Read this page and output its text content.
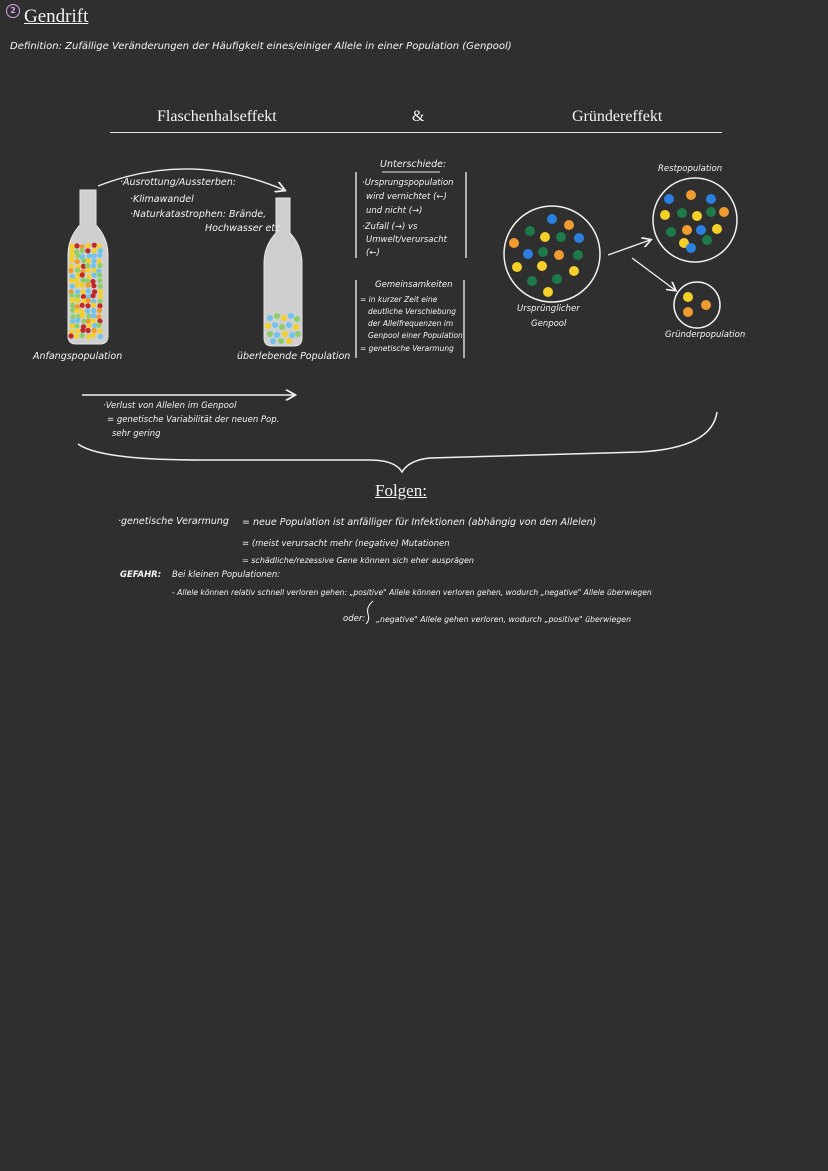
2 Gendrift
Definition: Zufällige Veränderungen der Häufigkeit eines/einiger Allele in einer Population (Genpool)
Flaschenhalseffekt	&	Gründereffekt
·Ausrottung/Aussterben:
·Klimawandel
·Naturkatastrophen: Brände,
Hochwasser etc
Anfangspopulation	überlebende Population
·Verlust von Allelen im Genpool
= genetische Variabilität der neuen Pop.
sehr gering
Unterschiede:
·Ursprungspopulation
wird vernichtet (←)
und nicht (→)
·Zufall (→) vs
Umwelt/verursacht
(←)
Gemeinsamkeiten
= in kurzer Zeit eine
deutliche Verschiebung
der Allelfrequenzen im
Genpool einer Population
= genetische Verarmung
Restpopulation
Ursprünglicher
Genpool
Gründerpopulation
Folgen:
·genetische Verarmung = neue Population ist anfälliger für Infektionen (abhängig von den Allelen)
= (meist verursacht mehr (negative) Mutationen
= schädliche/rezessive Gene können sich eher ausprägen
GEFAHR: Bei kleinen Populationen:
- Allele können relativ schnell verloren gehen: „positive" Allele können verloren gehen, wodurch „negative" Allele überwiegen
oder: „negative" Allele gehen verloren, wodurch „positive" überwiegen
